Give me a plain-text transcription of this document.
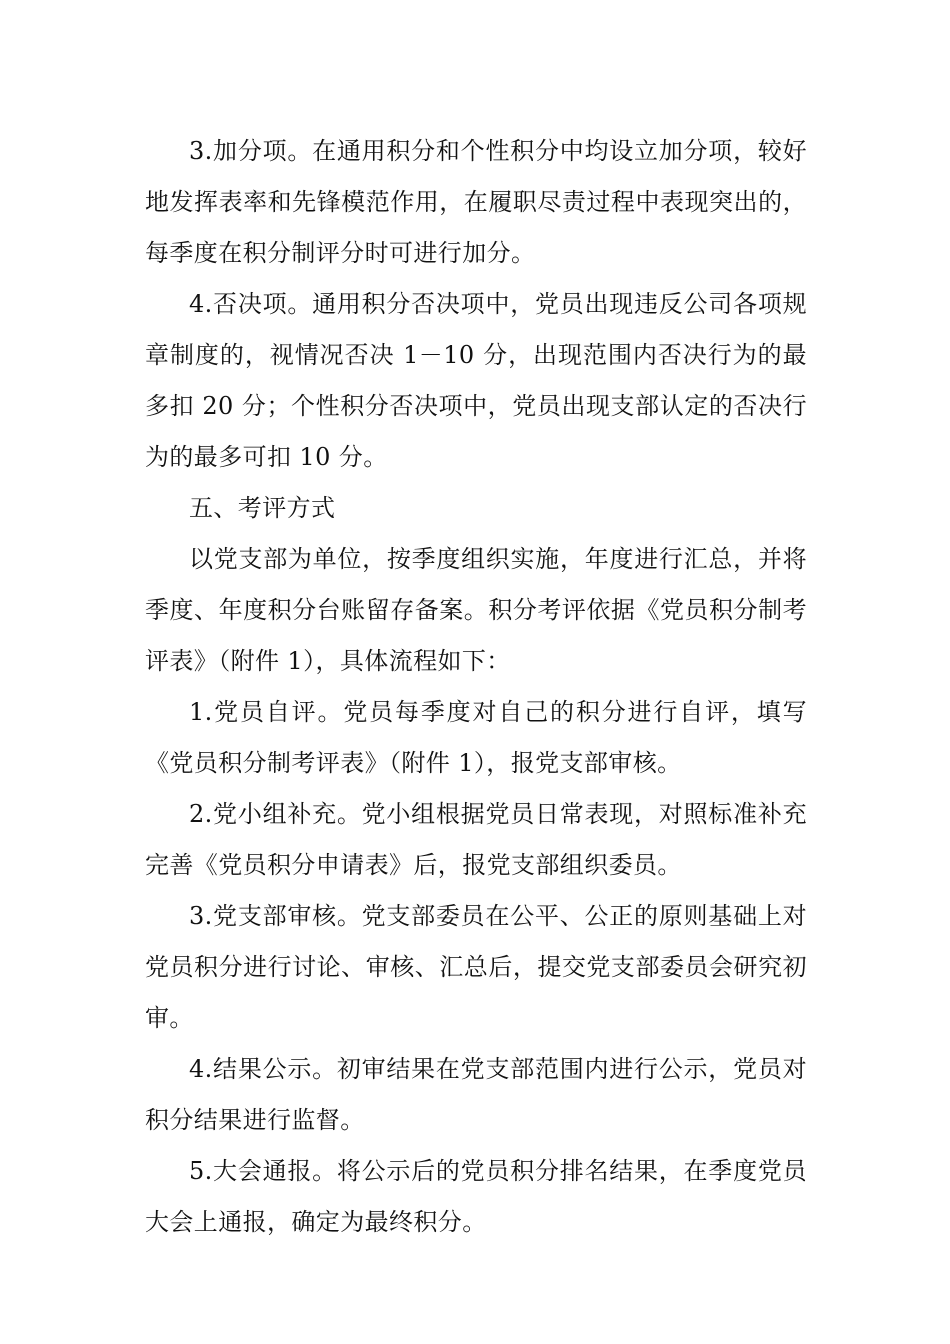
3.加分项。在通用积分和个性积分中均设立加分项，较好地发挥表率和先锋模范作用，在履职尽责过程中表现突出的，每季度在积分制评分时可进行加分。

4.否决项。通用积分否决项中，党员出现违反公司各项规章制度的，视情况否决 1－10 分，出现范围内否决行为的最多扣 20 分；个性积分否决项中，党员出现支部认定的否决行为的最多可扣 10 分。

五、考评方式

以党支部为单位，按季度组织实施，年度进行汇总，并将季度、年度积分台账留存备案。积分考评依据《党员积分制考评表》（附件 1），具体流程如下：

1.党员自评。党员每季度对自己的积分进行自评，填写《党员积分制考评表》（附件 1），报党支部审核。

2.党小组补充。党小组根据党员日常表现，对照标准补充完善《党员积分申请表》后，报党支部组织委员。

3.党支部审核。党支部委员在公平、公正的原则基础上对党员积分进行讨论、审核、汇总后，提交党支部委员会研究初审。

4.结果公示。初审结果在党支部范围内进行公示，党员对积分结果进行监督。

5.大会通报。将公示后的党员积分排名结果，在季度党员大会上通报，确定为最终积分。
